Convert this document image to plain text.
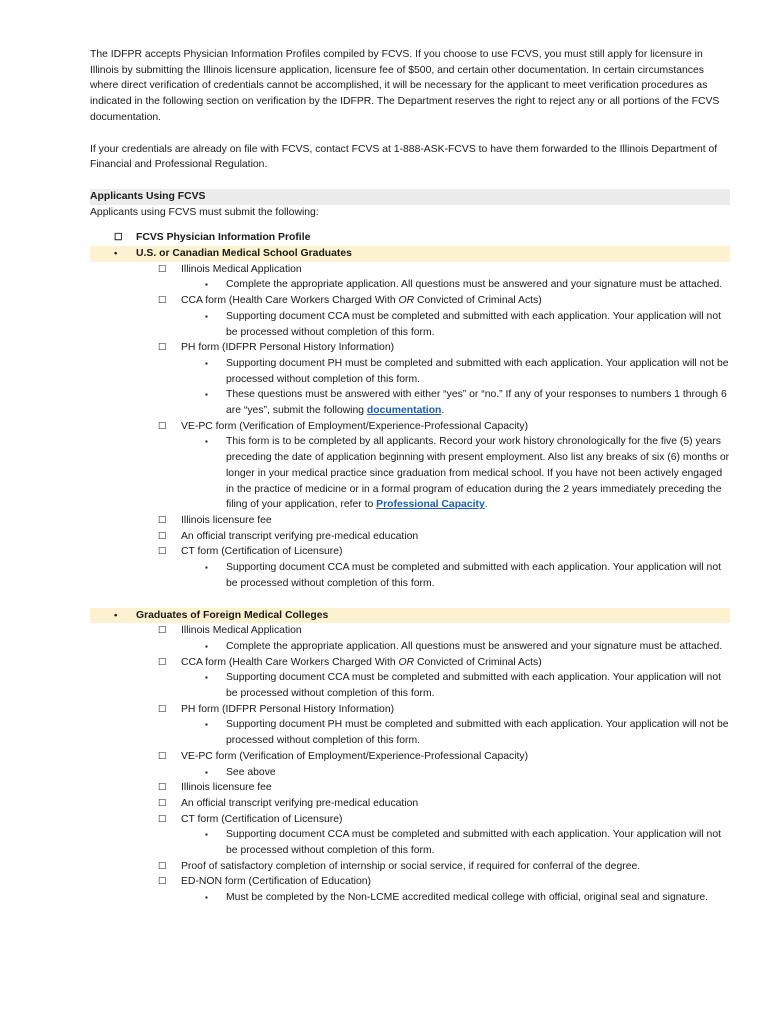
The IDFPR accepts Physician Information Profiles compiled by FCVS. If you choose to use FCVS, you must still apply for licensure in Illinois by submitting the Illinois licensure application, licensure fee of $500, and certain other documentation. In certain circumstances where direct verification of credentials cannot be accomplished, it will be necessary for the applicant to meet verification procedures as indicated in the following section on verification by the IDFPR. The Department reserves the right to reject any or all portions of the FCVS documentation.

If your credentials are already on file with FCVS, contact FCVS at 1-888-ASK-FCVS to have them forwarded to the Illinois Department of Financial and Professional Regulation.

Applicants Using FCVS

Applicants using FCVS must submit the following:

☐ FCVS Physician Information Profile
• U.S. or Canadian Medical School Graduates
☐ Illinois Medical Application
▪ Complete the appropriate application. All questions must be answered and your signature must be attached.
☐ CCA form (Health Care Workers Charged With OR Convicted of Criminal Acts)
▪ Supporting document CCA must be completed and submitted with each application. Your application will not be processed without completion of this form.
☐ PH form (IDFPR Personal History Information)
▪ Supporting document PH must be completed and submitted with each application. Your application will not be processed without completion of this form.
▪ These questions must be answered with either “yes” or “no.” If any of your responses to numbers 1 through 6 are “yes”, submit the following documentation.
☐ VE-PC form (Verification of Employment/Experience-Professional Capacity)
▪ This form is to be completed by all applicants. Record your work history chronologically for the five (5) years preceding the date of application beginning with present employment. Also list any breaks of six (6) months or longer in your medical practice since graduation from medical school. If you have not been actively engaged in the practice of medicine or in a formal program of education during the 2 years immediately preceding the filing of your application, refer to Professional Capacity.
☐ Illinois licensure fee
☐ An official transcript verifying pre-medical education
☐ CT form (Certification of Licensure)
▪ Supporting document CCA must be completed and submitted with each application. Your application will not be processed without completion of this form.
• Graduates of Foreign Medical Colleges
☐ Illinois Medical Application
▪ Complete the appropriate application. All questions must be answered and your signature must be attached.
☐ CCA form (Health Care Workers Charged With OR Convicted of Criminal Acts)
▪ Supporting document CCA must be completed and submitted with each application. Your application will not be processed without completion of this form.
☐ PH form (IDFPR Personal History Information)
▪ Supporting document PH must be completed and submitted with each application. Your application will not be processed without completion of this form.
☐ VE-PC form (Verification of Employment/Experience-Professional Capacity)
▪ See above
☐ Illinois licensure fee
☐ An official transcript verifying pre-medical education
☐ CT form (Certification of Licensure)
▪ Supporting document CCA must be completed and submitted with each application. Your application will not be processed without completion of this form.
☐ Proof of satisfactory completion of internship or social service, if required for conferral of the degree.
☐ ED-NON form (Certification of Education)
▪ Must be completed by the Non-LCME accredited medical college with official, original seal and signature.
